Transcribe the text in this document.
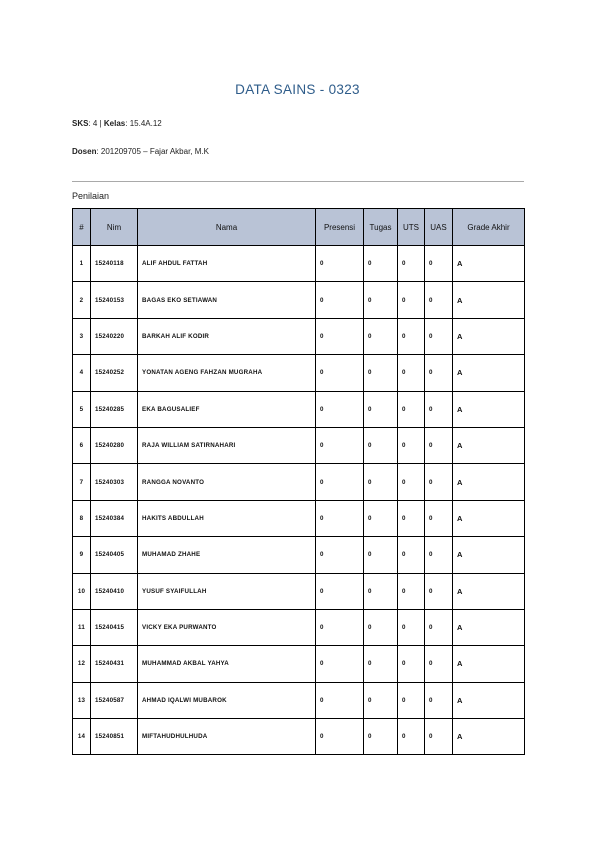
DATA SAINS - 0323
SKS: 4 | Kelas: 15.4A.12
Dosen: 201209705 – Fajar Akbar, M.K
Penilaian
#	Nim	Nama	Presensi	Tugas	UTS	UAS	Grade Akhir
1	15240118	ALIF AHDUL FATTAH	0	0	0	0	A
2	15240153	BAGAS EKO SETIAWAN	0	0	0	0	A
3	15240220	BARKAH ALIF KODIR	0	0	0	0	A
4	15240252	YONATAN AGENG FAHZAN MUGRAHA	0	0	0	0	A
5	15240285	EKA BAGUSALIEF	0	0	0	0	A
6	15240280	RAJA WILLIAM SATIRNAHARI	0	0	0	0	A
7	15240303	RANGGA NOVANTO	0	0	0	0	A
8	15240384	HAKITS ABDULLAH	0	0	0	0	A
9	15240405	MUHAMAD ZHAHE	0	0	0	0	A
10	15240410	YUSUF SYAIFULLAH	0	0	0	0	A
11	15240415	VICKY EKA PURWANTO	0	0	0	0	A
12	15240431	MUHAMMAD AKBAL YAHYA	0	0	0	0	A
13	15240587	AHMAD IQALWI MUBAROK	0	0	0	0	A
14	15240851	MIFTAHUDHULHUDA	0	0	0	0	A
